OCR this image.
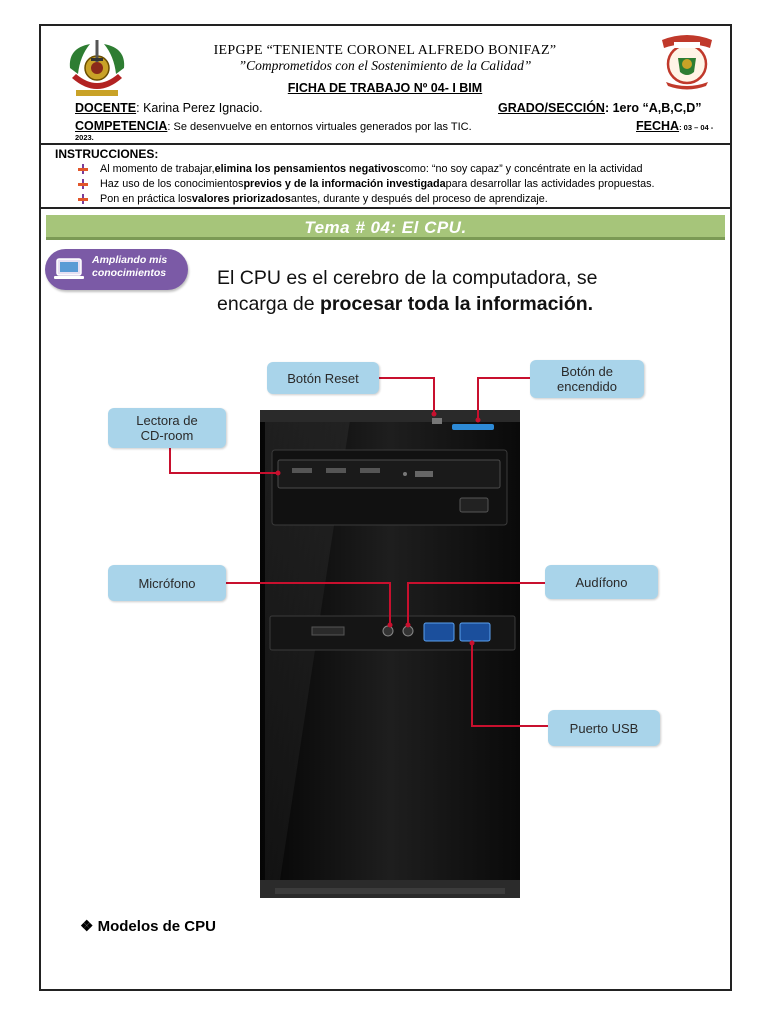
IEPGPE “TENIENTE CORONEL ALFREDO BONIFAZ”
”Comprometidos con el Sostenimiento de la Calidad”
FICHA DE TRABAJO Nº 04- I BIM
DOCENTE: Karina Perez Ignacio.	GRADO/SECCIÓN: 1ero “A,B,C,D”
COMPETENCIA: Se desenvuelve en entornos virtuales generados por las TIC.	FECHA: 03 – 04 -
2023.
INSTRUCCIONES:
Al momento de trabajar, elimina los pensamientos negativos como: “no soy capaz” y concéntrate en la actividad
Haz uso de los conocimientos previos y de la información investigada para desarrollar las actividades propuestas.
Pon en práctica los valores priorizados antes, durante y después del proceso de aprendizaje.
Tema # 04: El CPU.
Ampliando mis
conocimientos	El CPU es el cerebro de la computadora, se
encarga de procesar toda la información.
Botón Reset	Botón de
encendido
Lectora de
CD-room
Micrófono	Audífono
Puerto USB
❖ Modelos de CPU
